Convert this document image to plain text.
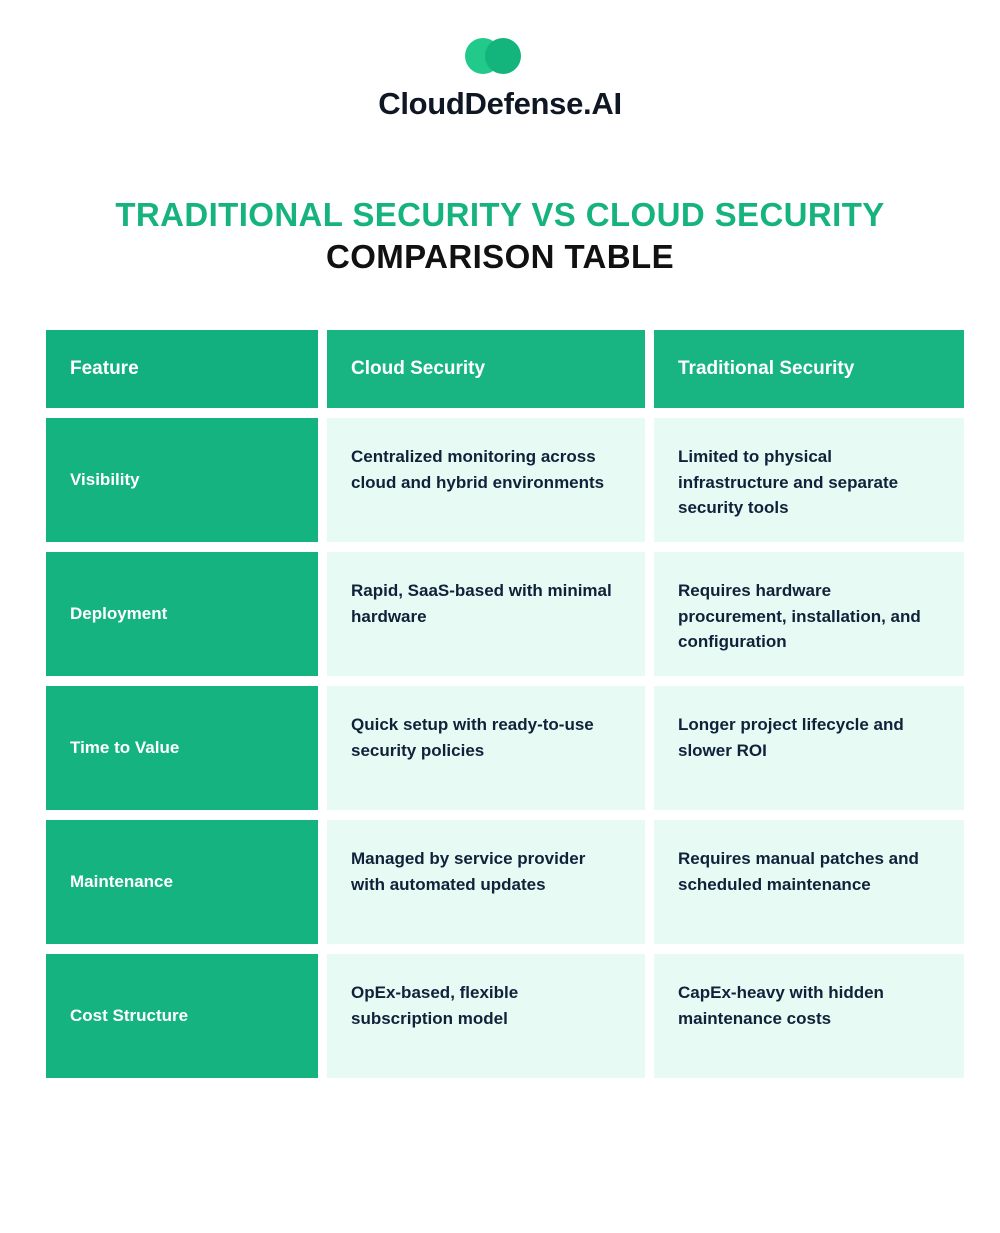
CloudDefense.AI
TRADITIONAL SECURITY VS CLOUD SECURITY
COMPARISON TABLE
Feature	Cloud Security	Traditional Security
Visibility
Centralized monitoring across cloud and hybrid environments
Limited to physical infrastructure and separate security tools
Deployment
Rapid, SaaS-based with minimal hardware
Requires hardware procurement, installation, and configuration
Time to Value
Quick setup with ready-to-use security policies
Longer project lifecycle and slower ROI
Maintenance
Managed by service provider with automated updates
Requires manual patches and scheduled maintenance
Cost Structure
OpEx-based, flexible subscription model
CapEx-heavy with hidden maintenance costs
